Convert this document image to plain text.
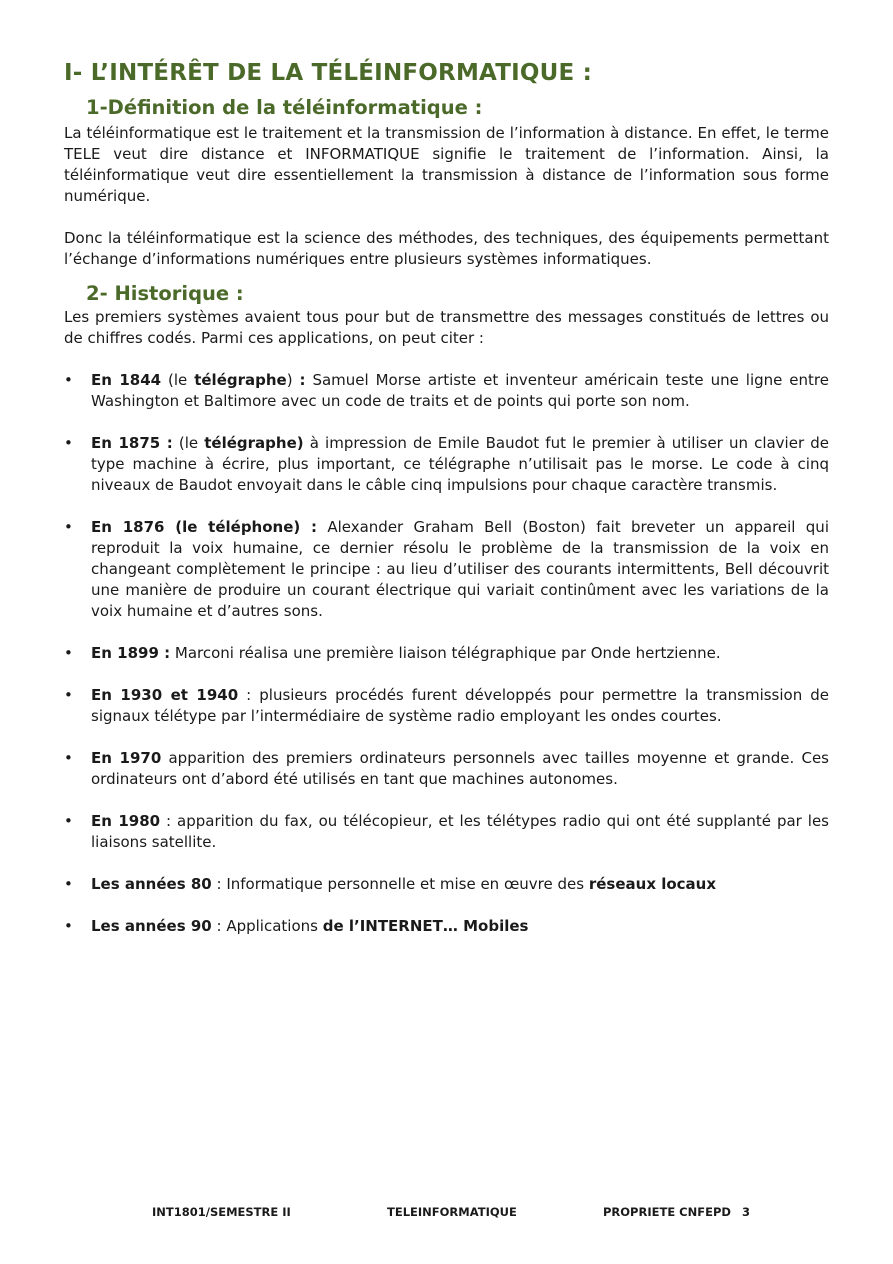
I- L’INTÉRÊT DE LA TÉLÉINFORMATIQUE :
1-Définition de la téléinformatique :

La téléinformatique est le traitement et la transmission de l’information à distance. En effet, le terme TELE veut dire distance et INFORMATIQUE signifie le traitement de l’information. Ainsi, la téléinformatique veut dire essentiellement la transmission à distance de l’information sous forme numérique.

Donc la téléinformatique est la science des méthodes, des techniques, des équipements permettant l’échange d’informations numériques entre plusieurs systèmes informatiques.

2- Historique :

Les premiers systèmes avaient tous pour but de transmettre des messages constitués de lettres ou de chiffres codés. Parmi ces applications, on peut citer :

• En 1844 (le télégraphe) : Samuel Morse artiste et inventeur américain teste une ligne entre Washington et Baltimore avec un code de traits et de points qui porte son nom.
• En 1875 : (le télégraphe) à impression de Emile Baudot fut le premier à utiliser un clavier de type machine à écrire, plus important, ce télégraphe n’utilisait pas le morse. Le code à cinq niveaux de Baudot envoyait dans le câble cinq impulsions pour chaque caractère transmis.
• En 1876 (le téléphone) : Alexander Graham Bell (Boston) fait breveter un appareil qui reproduit la voix humaine, ce dernier résolu le problème de la transmission de la voix en changeant complètement le principe : au lieu d’utiliser des courants intermittents, Bell découvrit une manière de produire un courant électrique qui variait continûment avec les variations de la voix humaine et d’autres sons.
• En 1899 : Marconi réalisa une première liaison télégraphique par Onde hertzienne.
• En 1930 et 1940 : plusieurs procédés furent développés pour permettre la transmission de signaux télétype par l’intermédiaire de système radio employant les ondes courtes.
• En 1970 apparition des premiers ordinateurs personnels avec tailles moyenne et grande. Ces ordinateurs ont d’abord été utilisés en tant que machines autonomes.
• En 1980 : apparition du fax, ou télécopieur, et les télétypes radio qui ont été supplanté par les liaisons satellite.
• Les années 80 : Informatique personnelle et mise en œuvre des réseaux locaux
• Les années 90 : Applications de l’INTERNET… Mobiles
INT1801/SEMESTRE II	TELEINFORMATIQUE	PROPRIETE CNFEPD 3
